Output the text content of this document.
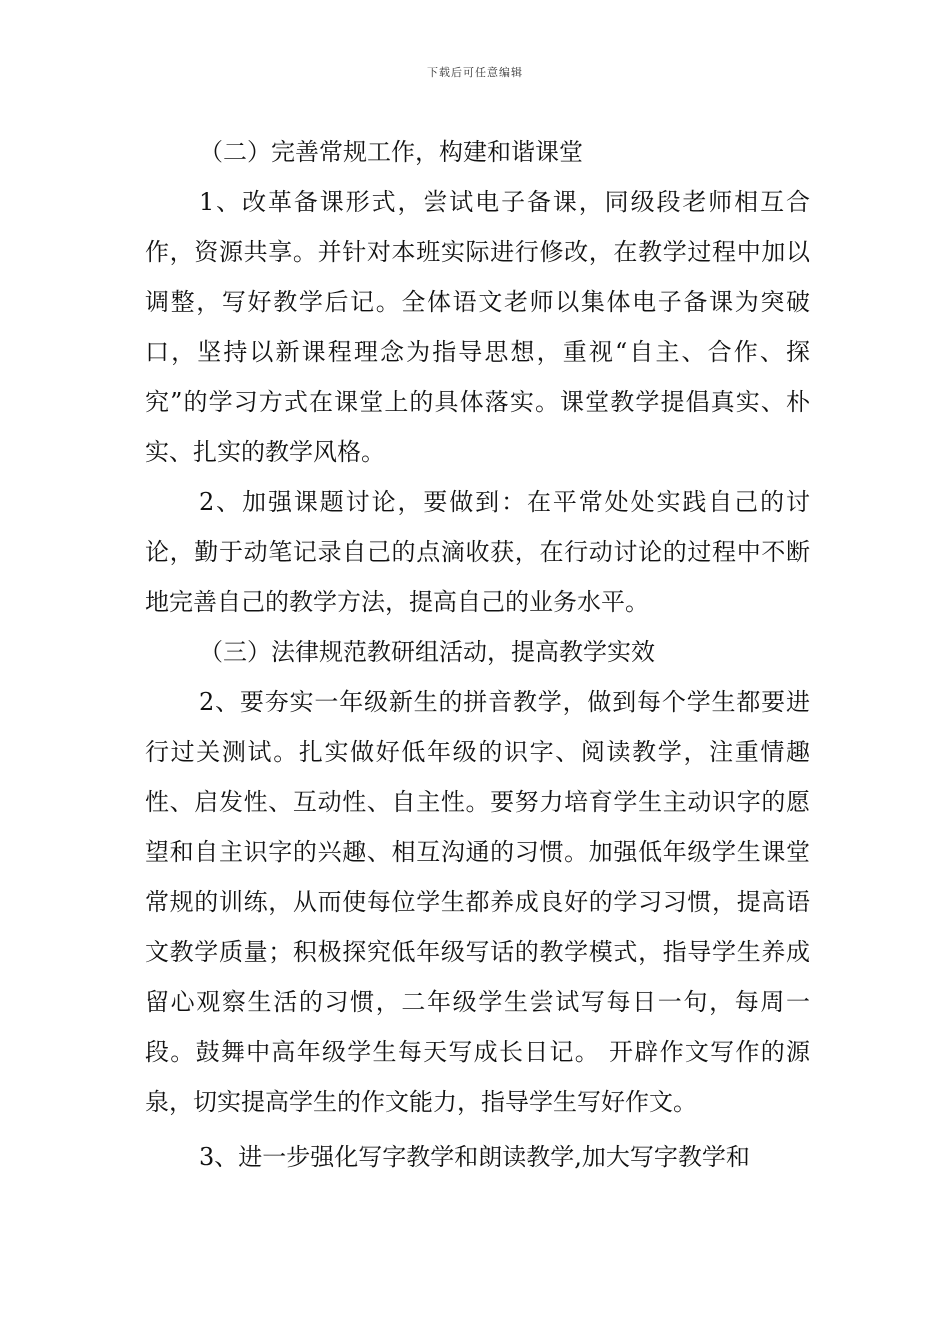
下载后可任意编辑

（二）完善常规工作，构建和谐课堂

1、改革备课形式，尝试电子备课，同级段老师相互合作，资源共享。并针对本班实际进行修改，在教学过程中加以调整，写好教学后记。全体语文老师以集体电子备课为突破口，坚持以新课程理念为指导思想，重视“自主、合作、探究”的学习方式在课堂上的具体落实。课堂教学提倡真实、朴实、扎实的教学风格。

2、加强课题讨论，要做到：在平常处处实践自己的讨论，勤于动笔记录自己的点滴收获，在行动讨论的过程中不断地完善自己的教学方法，提高自己的业务水平。

（三）法律规范教研组活动，提高教学实效

2、要夯实一年级新生的拼音教学，做到每个学生都要进行过关测试。扎实做好低年级的识字、阅读教学，注重情趣性、启发性、互动性、自主性。要努力培育学生主动识字的愿望和自主识字的兴趣、相互沟通的习惯。加强低年级学生课堂常规的训练，从而使每位学生都养成良好的学习习惯，提高语文教学质量；积极探究低年级写话的教学模式，指导学生养成留心观察生活的习惯，二年级学生尝试写每日一句，每周一段。鼓舞中高年级学生每天写成长日记。 开辟作文写作的源泉，切实提高学生的作文能力，指导学生写好作文。

3、进一步强化写字教学和朗读教学,加大写字教学和
